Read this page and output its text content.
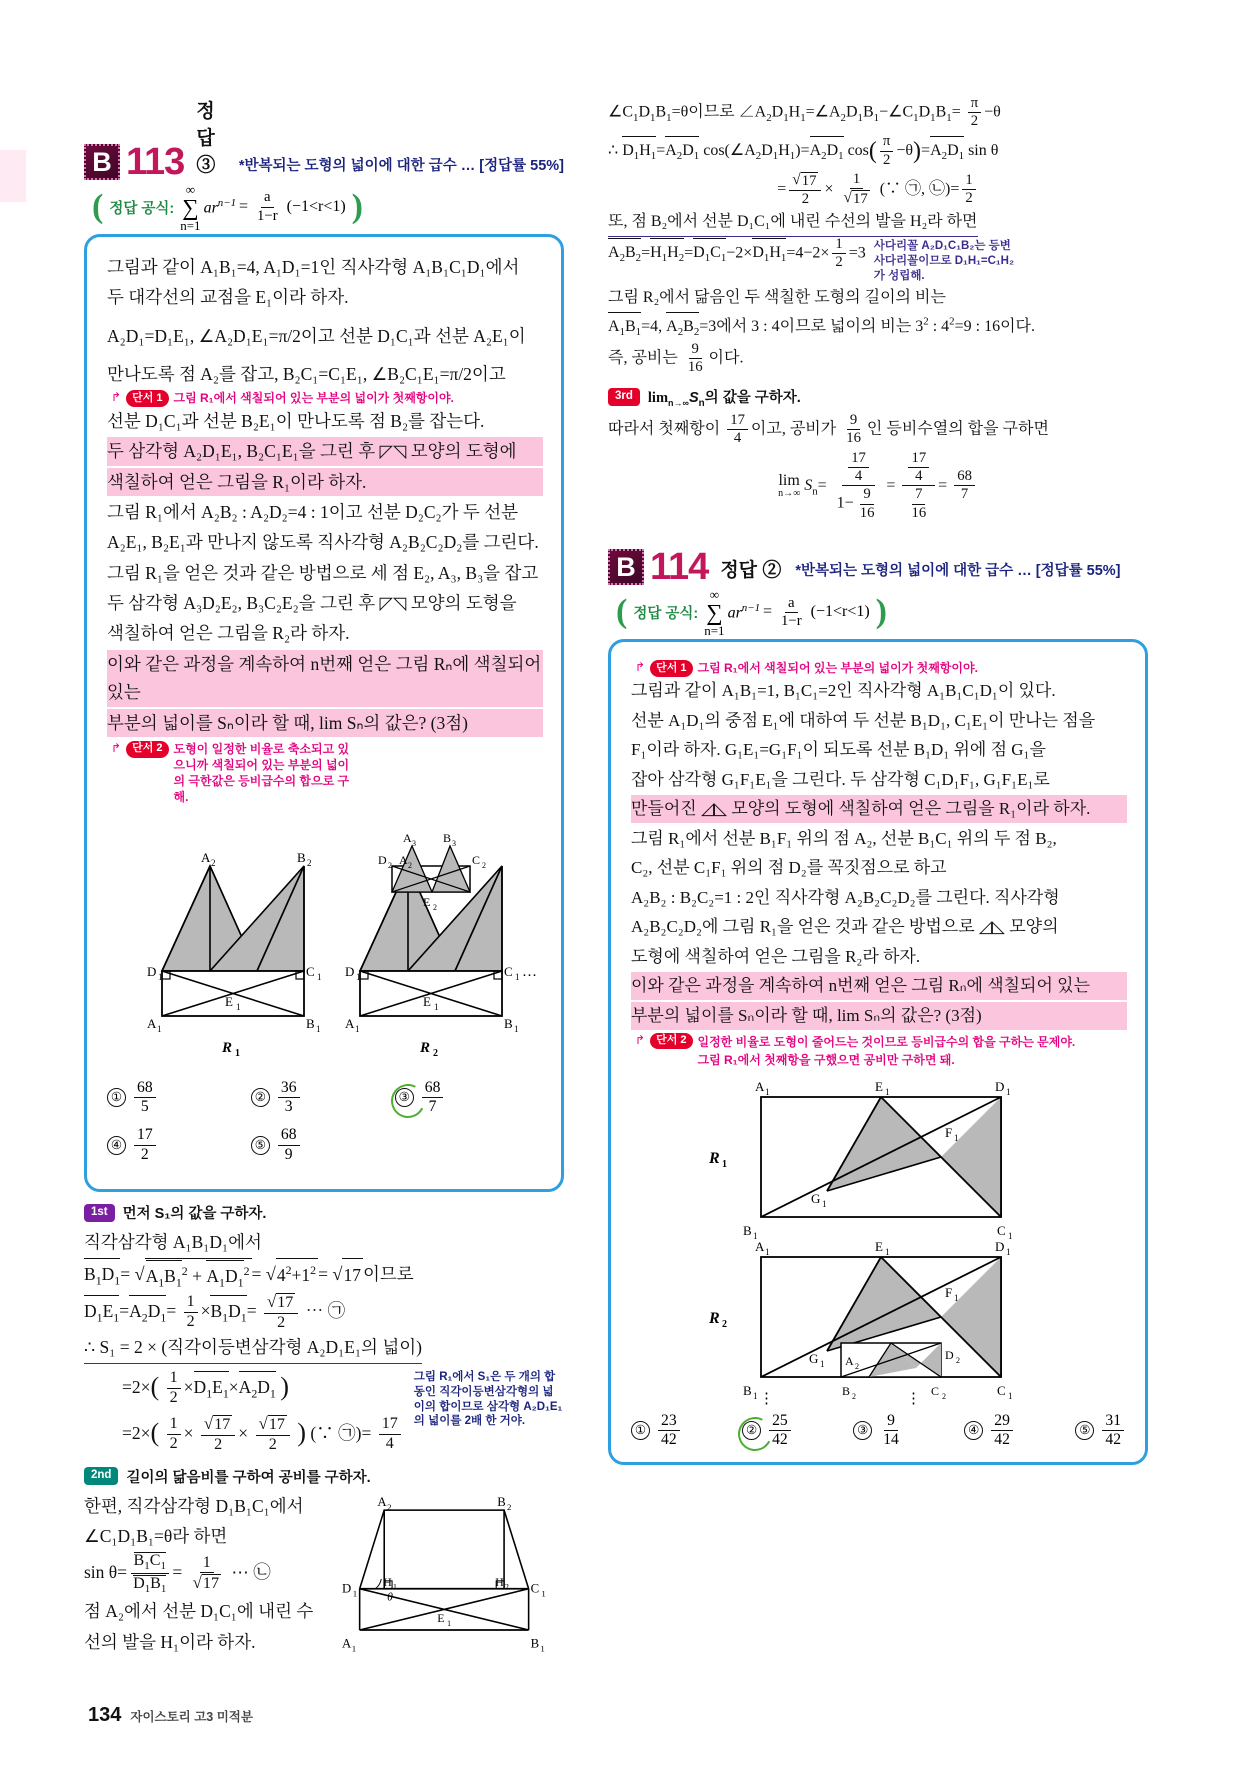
B 113
정답 ③	*반복되는 도형의 넓이에 대한 급수 … [정답률 55%]
( 정답 공식:
∞
∑
n=1
$ar^{n-1} = \frac{a}{1-r} (-1<r<1)$ )

그림과 같이 A₁B₁=4, A₁D₁=1인 직사각형 A₁B₁C₁D₁에서

두 대각선의 교점을 E₁이라 하자.

A₂D₁=D₁E₁, ∠A₂D₁E₁=π/2이고 선분 D₁C₁과 선분 A₂E₁이

만나도록 점 A₂를 잡고, B₂C₁=C₁E₁, ∠B₂C₁E₁=π/2이고

↱	단서 1 그림 R₁에서 색칠되어 있는 부분의 넓이가 첫째항이야.

선분 D₁C₁과 선분 B₂E₁이 만나도록 점 B₂를 잡는다.

두 삼각형 A₂D₁E₁, B₂C₁E₁을 그린 후 ◸◹ 모양의 도형에

색칠하여 얻은 그림을 R₁이라 하자.

그림 R₁에서 A₂B₂ : A₂D₂=4 : 1이고 선분 D₂C₂가 두 선분

A₂E₁, B₂E₁과 만나지 않도록 직사각형 A₂B₂C₂D₂를 그린다.

그림 R₁을 얻은 것과 같은 방법으로 세 점 E₂, A₃, B₃을 잡고

두 삼각형 A₃D₂E₂, B₃C₂E₂을 그린 후 ◸◹ 모양의 도형을

색칠하여 얻은 그림을 R₂라 하자.

이와 같은 과정을 계속하여 n번째 얻은 그림 Rₙ에 색칠되어 있는

부분의 넓이를 Sₙ이라 할 때, lim Sₙ의 값은? (3점)

↱	단서 2 도형이 일정한 비율로 축소되고 있으니까 색칠되어 있는 부분의 넓이의 극한값은 등비급수의 합으로 구해.
A 2	B 2
D 1	C 1
A 1	B 1
E 1
R 1
A 3 B 3
D 2	C 2
A 2
E 2
D 1	C 1
A 1	B 1
E 1
R 2
…
① $\frac{68}{5}$	② $\frac{36}{3}$	③ $\frac{68}{7}$
④ $\frac{17}{2}$	⑤ $\frac{68}{9}$
1st	먼저 S₁의 값을 구하자.
직각삼각형 A₁B₁D₁에서
$B_1D_1=$ √ $A_1B_1^2 + A_1D_1^2$ = √ $4^2+1^2$ = √ 17 이므로
$D_1E_1=A_2D_1= \frac{1}{2} \times B_1D_1= \frac{√ 17}{2}$ ⋯ ㉠
∴ S₁ = 2 × (직각이등변삼각형 A₂D₁E₁의 넓이)
$=2\times( \frac{1}{2} \times D_1E_1\times A_2D_1$ )
$=2\times( \frac{1}{2} \times \frac{√ 17}{2} \times \frac{√ 17}{2}$ ) (∵ ㉠)= $\frac{17}{4}$
그림 R₁에서 S₁은 두 개의 합동인 직각이등변삼각형의 넓이의 합이므로 삼각형 A₂D₁E₁의 넓이를 2배 한 거야.
2nd	길이의 닮음비를 구하여 공비를 구하자.
한편, 직각삼각형 D₁B₁C₁에서
∠C₁D₁B₁=θ라 하면
$\sin \theta= \frac{B_1C_1}{D_1B_1} = \frac{1}{√ 17}$ ⋯ ㉡
점 A₂에서 선분 D₁C₁에 내린 수
선의 발을 H₁이라 하자.
A 2	B 2
D 1	C 1
A 1	B 1
H 1	H 2
E 1
θ
$\angle C_1D_1B_1=\theta$이므로 $\angle A_2D_1H_1=\angle A_2D_1B_1-\angle C_1D_1B_1= \frac{\pi}{2} -\theta$
∴ $D_1H_1=A_2D_1$ $\cos(\angle A_2D_1H_1)=A_2D_1$ $\cos( \frac{\pi}{2} -\theta)=A_2D_1$ sin θ
= $\frac{√ 17}{2} \times \frac{1}{√ 17}$ (∵ ㉠, ㉡)= $\frac{1}{2}$
또, 점 B₂에서 선분 D₁C₁에 내린 수선의 발을 H₂라 하면
$A_2B_2=H_1H_2=D_1C_1-2\times D_1H_1=4-2\times \frac{1}{2} =3$ 사다리꼴 A₂D₁C₁B₂는 등변사다리꼴이므로 D₁H₁=C₁H₂가 성립해.
그림 R₂에서 닮음인 두 색칠한 도형의 길이의 비는
$A_1B_1=4$, $A_2B_2=3$에서 3 : 4이므로 넓이의 비는 $3^2$ : $4^2=9$ : 16이다.
즉, 공비는 $\frac{9}{16}$ 이다.
3rd	$\lim_{n\to\infty}S_n$의 값을 구하자.
따라서 첫째항이 $\frac{17}{4}$ 이고, 공비가 $\frac{9}{16}$ 인 등비수열의 합을 구하면
lim
n→∞ $S_n= \frac{\frac{17}{4}}{1- \frac{9}{16}} = \frac{\frac{17}{4}}{\frac{7}{16}} = \frac{68}{7}$
B 114 정답 ② *반복되는 도형의 넓이에 대한 급수 … [정답률 55%]
( 정답 공식:
∞
∑
n=1
$ar^{n-1} = \frac{a}{1-r} (-1<r<1)$ )
↱	단서 1 그림 R₁에서 색칠되어 있는 부분의 넓이가 첫째항이야.

그림과 같이 A₁B₁=1, B₁C₁=2인 직사각형 A₁B₁C₁D₁이 있다.

선분 A₁D₁의 중점 E₁에 대하여 두 선분 B₁D₁, C₁E₁이 만나는 점을

F₁이라 하자. G₁E₁=G₁F₁이 되도록 선분 B₁D₁ 위에 점 G₁을

잡아 삼각형 G₁F₁E₁을 그린다. 두 삼각형 C₁D₁F₁, G₁F₁E₁로

만들어진 ◿◺ 모양의 도형에 색칠하여 얻은 그림을 R₁이라 하자.

그림 R₁에서 선분 B₁F₁ 위의 점 A₂, 선분 B₁C₁ 위의 두 점 B₂,

C₂, 선분 C₁F₁ 위의 점 D₂를 꼭짓점으로 하고

A₂B₂ : B₂C₂=1 : 2인 직사각형 A₂B₂C₂D₂를 그린다. 직사각형

A₂B₂C₂D₂에 그림 R₁을 얻은 것과 같은 방법으로 ◿◺ 모양의

도형에 색칠하여 얻은 그림을 R₂라 하자.

이와 같은 과정을 계속하여 n번째 얻은 그림 Rₙ에 색칠되어 있는

부분의 넓이를 Sₙ이라 할 때, lim Sₙ의 값은? (3점)

↱	단서 2 일정한 비율로 도형이 줄어드는 것이므로 등비급수의 합을 구하는 문제야.
그림 R₁에서 첫째항을 구했으면 공비만 구하면 돼.
A 1	E 1	D 1
B 1	C 1
F 1
G 1
R 1
A 1	E 1	D 1
B 1	C 1
F 1
G 1 A 2
D 2
B 2	C 2
R 2
⋮	⋮
① $\frac{23}{42}$	② $\frac{25}{42}$	③ $\frac{9}{14}$	④ $\frac{29}{42}$	⑤ $\frac{31}{42}$
134 자이스토리 고3 미적분
